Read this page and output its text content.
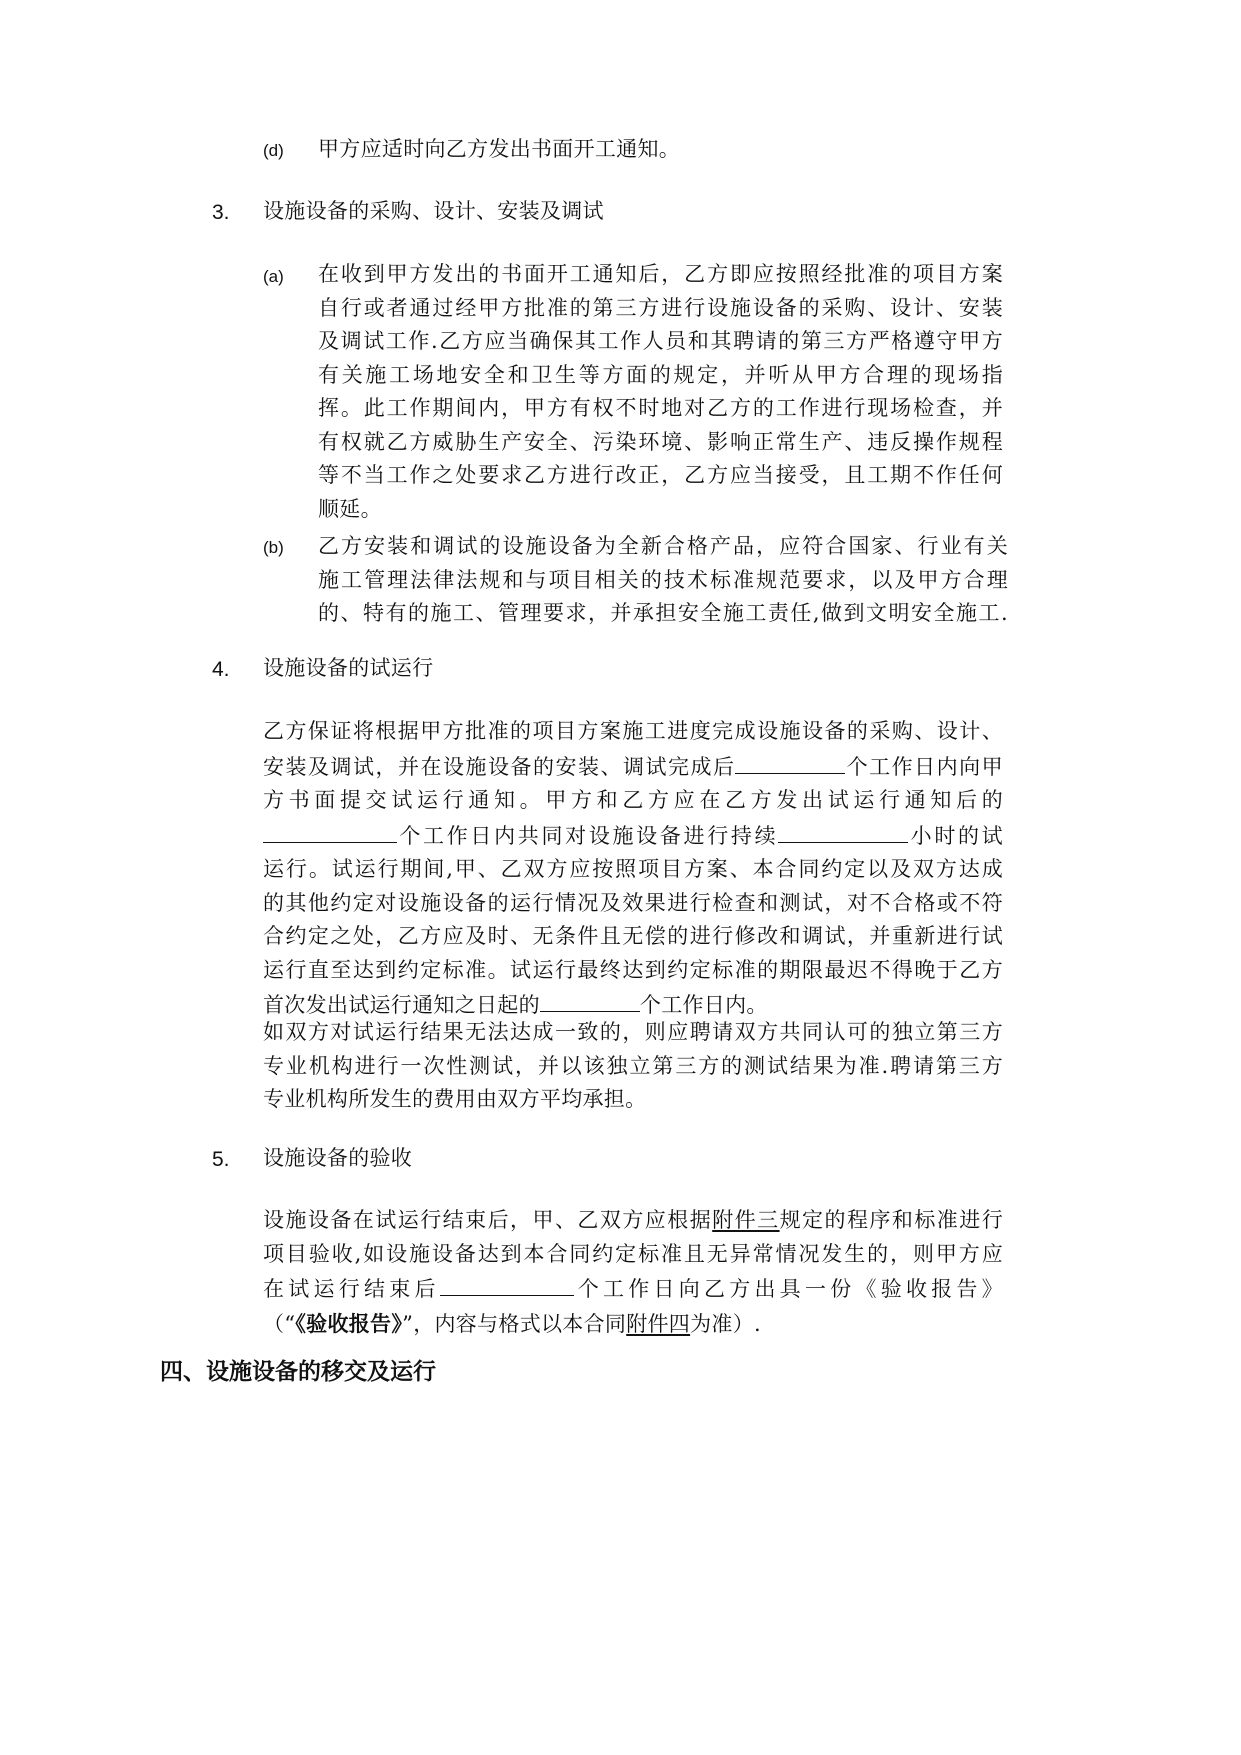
(d) 甲方应适时向乙方发出书面开工通知。
3. 设施设备的采购、设计、安装及调试
(a) 在收到甲方发出的书面开工通知后，乙方即应按照经批准的项目方案
自行或者通过经甲方批准的第三方进行设施设备的采购、设计、安装
及调试工作.乙方应当确保其工作人员和其聘请的第三方严格遵守甲方
有关施工场地安全和卫生等方面的规定，并听从甲方合理的现场指
挥。此工作期间内，甲方有权不时地对乙方的工作进行现场检查，并
有权就乙方威胁生产安全、污染环境、影响正常生产、违反操作规程
等不当工作之处要求乙方进行改正，乙方应当接受，且工期不作任何
顺延。
(b) 乙方安装和调试的设施设备为全新合格产品，应符合国家、行业有关
施工管理法律法规和与项目相关的技术标准规范要求，以及甲方合理
的、特有的施工、管理要求，并承担安全施工责任,做到文明安全施工.
4. 设施设备的试运行
乙方保证将根据甲方批准的项目方案施工进度完成设施设备的采购、设计、
安装及调试，并在设施设备的安装、调试完成后	个工作日内向甲
方书面提交试运行通知。甲方和乙方应在乙方发出试运行通知后的
个工作日内共同对设施设备进行持续	小时的试
运行。试运行期间,甲、乙双方应按照项目方案、本合同约定以及双方达成
的其他约定对设施设备的运行情况及效果进行检查和测试，对不合格或不符
合约定之处，乙方应及时、无条件且无偿的进行修改和调试，并重新进行试
运行直至达到约定标准。试运行最终达到约定标准的期限最迟不得晚于乙方
首次发出试运行通知之日起的	个工作日内。
如双方对试运行结果无法达成一致的，则应聘请双方共同认可的独立第三方
专业机构进行一次性测试，并以该独立第三方的测试结果为准.聘请第三方
专业机构所发生的费用由双方平均承担。
5. 设施设备的验收
设施设备在试运行结束后，甲、乙双方应根据附件三规定的程序和标准进行
项目验收,如设施设备达到本合同约定标准且无异常情况发生的，则甲方应
在试运行结束后	个工作日向乙方出具一份《验收报告》
（“《验收报告》”，内容与格式以本合同附件四为准）.
四、设施设备的移交及运行
